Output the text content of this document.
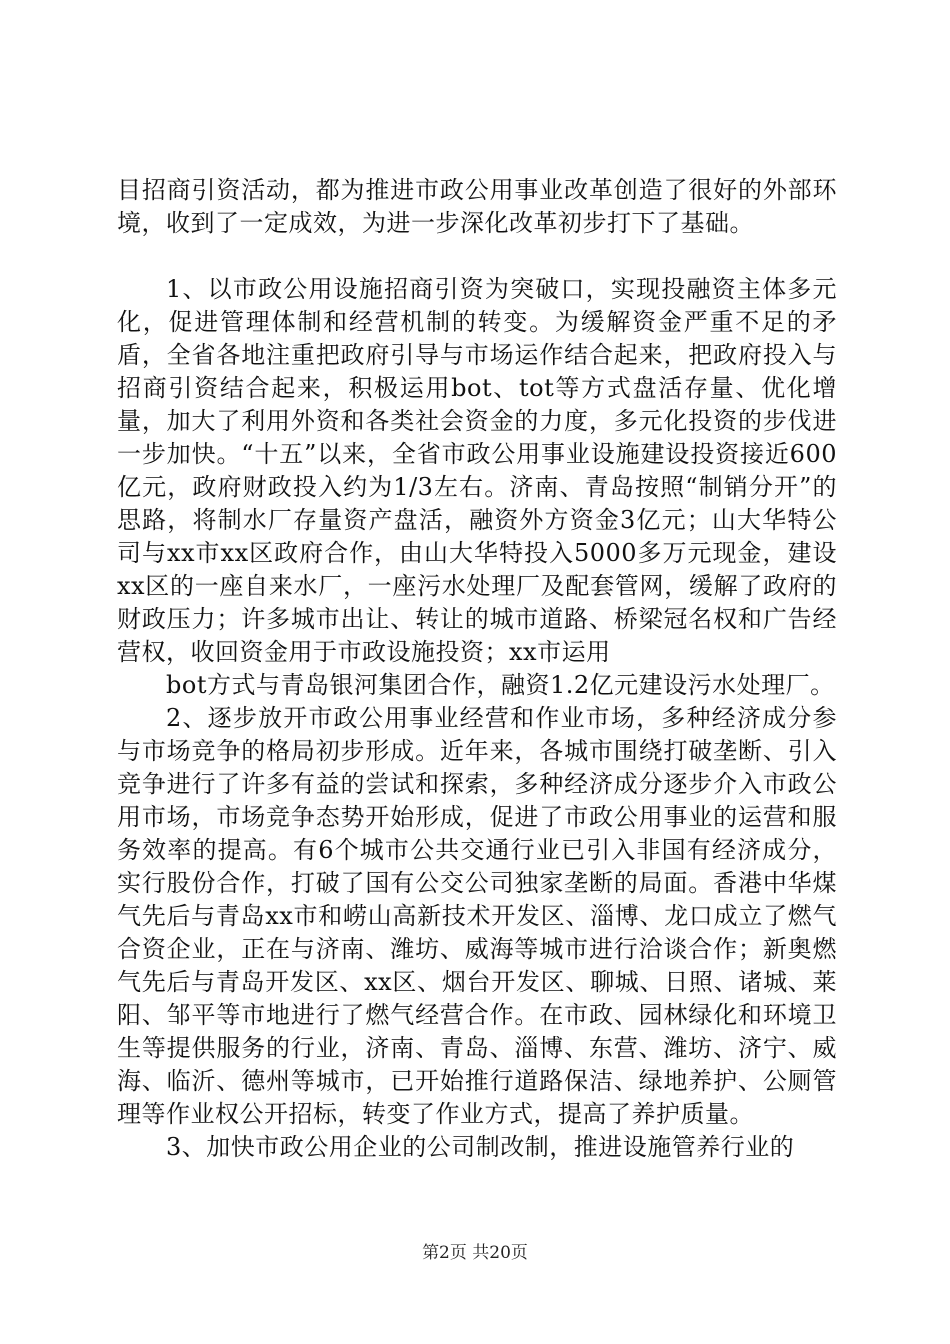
目招商引资活动，都为推进市政公用事业改革创造了很好的外部环境，收到了一定成效，为进一步深化改革初步打下了基础。

1、以市政公用设施招商引资为突破口，实现投融资主体多元化，促进管理体制和经营机制的转变。为缓解资金严重不足的矛盾，全省各地注重把政府引导与市场运作结合起来，把政府投入与招商引资结合起来，积极运用bot、tot等方式盘活存量、优化增量，加大了利用外资和各类社会资金的力度，多元化投资的步伐进一步加快。“十五”以来，全省市政公用事业设施建设投资接近600亿元，政府财政投入约为1/3左右。济南、青岛按照“制销分开”的思路，将制水厂存量资产盘活，融资外方资金3亿元；山大华特公司与xx市xx区政府合作，由山大华特投入5000多万元现金，建设xx区的一座自来水厂，一座污水处理厂及配套管网，缓解了政府的财政压力；许多城市出让、转让的城市道路、桥梁冠名权和广告经营权，收回资金用于市政设施投资；xx市运用

bot方式与青岛银河集团合作，融资1.2亿元建设污水处理厂。

2、逐步放开市政公用事业经营和作业市场，多种经济成分参与市场竞争的格局初步形成。近年来，各城市围绕打破垄断、引入竞争进行了许多有益的尝试和探索，多种经济成分逐步介入市政公用市场，市场竞争态势开始形成，促进了市政公用事业的运营和服务效率的提高。有6个城市公共交通行业已引入非国有经济成分，实行股份合作，打破了国有公交公司独家垄断的局面。香港中华煤气先后与青岛xx市和崂山高新技术开发区、淄博、龙口成立了燃气合资企业，正在与济南、潍坊、威海等城市进行洽谈合作；新奥燃气先后与青岛开发区、xx区、烟台开发区、聊城、日照、诸城、莱阳、邹平等市地进行了燃气经营合作。在市政、园林绿化和环境卫生等提供服务的行业，济南、青岛、淄博、东营、潍坊、济宁、威海、临沂、德州等城市，已开始推行道路保洁、绿地养护、公厕管理等作业权公开招标，转变了作业方式，提高了养护质量。

3、加快市政公用企业的公司制改制，推进设施管养行业的

第2页 共20页
